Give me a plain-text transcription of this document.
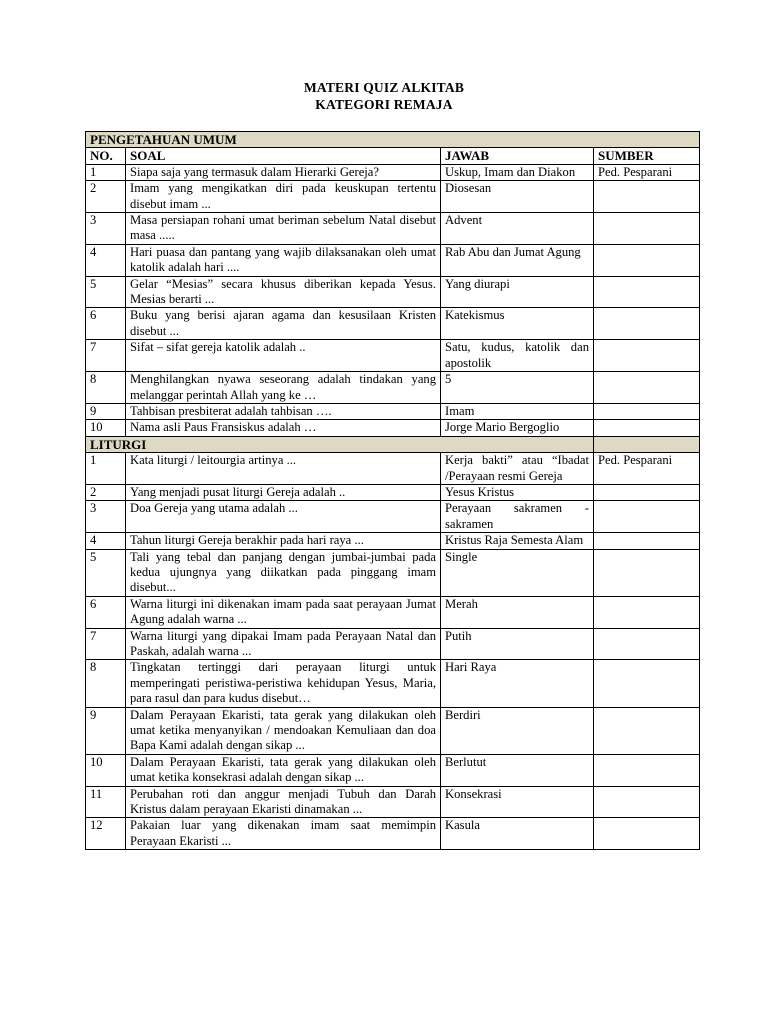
MATERI QUIZ ALKITAB
KATEGORI REMAJA
PENGETAHUAN UMUM			
NO.	SOAL	JAWAB	SUMBER
1	Siapa saja yang termasuk dalam Hierarki Gereja?	Uskup, Imam dan Diakon	Ped. Pesparani
2	Imam yang mengikatkan diri pada keuskupan tertentu disebut imam ...	Diosesan	
3	Masa persiapan rohani umat beriman sebelum Natal disebut masa .....	Advent	
4	Hari puasa dan pantang yang wajib dilaksanakan oleh umat katolik adalah hari ....	Rab Abu dan Jumat Agung	
5	Gelar “Mesias” secara khusus diberikan kepada Yesus. Mesias berarti ...	Yang diurapi	
6	Buku yang berisi ajaran agama dan kesusilaan Kristen disebut ...	Katekismus	
7	Sifat – sifat gereja katolik adalah ..	Satu, kudus, katolik dan apostolik	
8	Menghilangkan nyawa seseorang adalah tindakan yang melanggar perintah Allah yang ke …	5	
9	Tahbisan presbiterat adalah tahbisan ….	Imam	
10	Nama asli Paus Fransiskus adalah …	Jorge Mario Bergoglio	
LITURGI			
1	Kata liturgi / leitourgia artinya ...	Kerja bakti” atau “Ibadat /Perayaan resmi Gereja	Ped. Pesparani
2	Yang menjadi pusat liturgi Gereja adalah ..	Yesus Kristus	
3	Doa Gereja yang utama adalah ...	Perayaan sakramen - sakramen	
4	Tahun liturgi Gereja berakhir pada hari raya ...	Kristus Raja Semesta Alam	
5	Tali yang tebal dan panjang dengan jumbai-jumbai pada kedua ujungnya yang diikatkan pada pinggang imam disebut...	Single	
6	Warna liturgi ini dikenakan imam pada saat perayaan Jumat Agung adalah warna ...	Merah	
7	Warna liturgi yang dipakai Imam pada Perayaan Natal dan Paskah, adalah warna ...	Putih	
8	Tingkatan tertinggi dari perayaan liturgi untuk memperingati peristiwa-peristiwa kehidupan Yesus, Maria, para rasul dan para kudus disebut…	Hari Raya	
9	Dalam Perayaan Ekaristi, tata gerak yang dilakukan oleh umat ketika menyanyikan / mendoakan Kemuliaan dan doa Bapa Kami adalah dengan sikap ...	Berdiri	
10	Dalam Perayaan Ekaristi, tata gerak yang dilakukan oleh umat ketika konsekrasi adalah dengan sikap ...	Berlutut	
11	Perubahan roti dan anggur menjadi Tubuh dan Darah Kristus dalam perayaan Ekaristi dinamakan ...	Konsekrasi	
12	Pakaian luar yang dikenakan imam saat memimpin Perayaan Ekaristi ...	Kasula	
